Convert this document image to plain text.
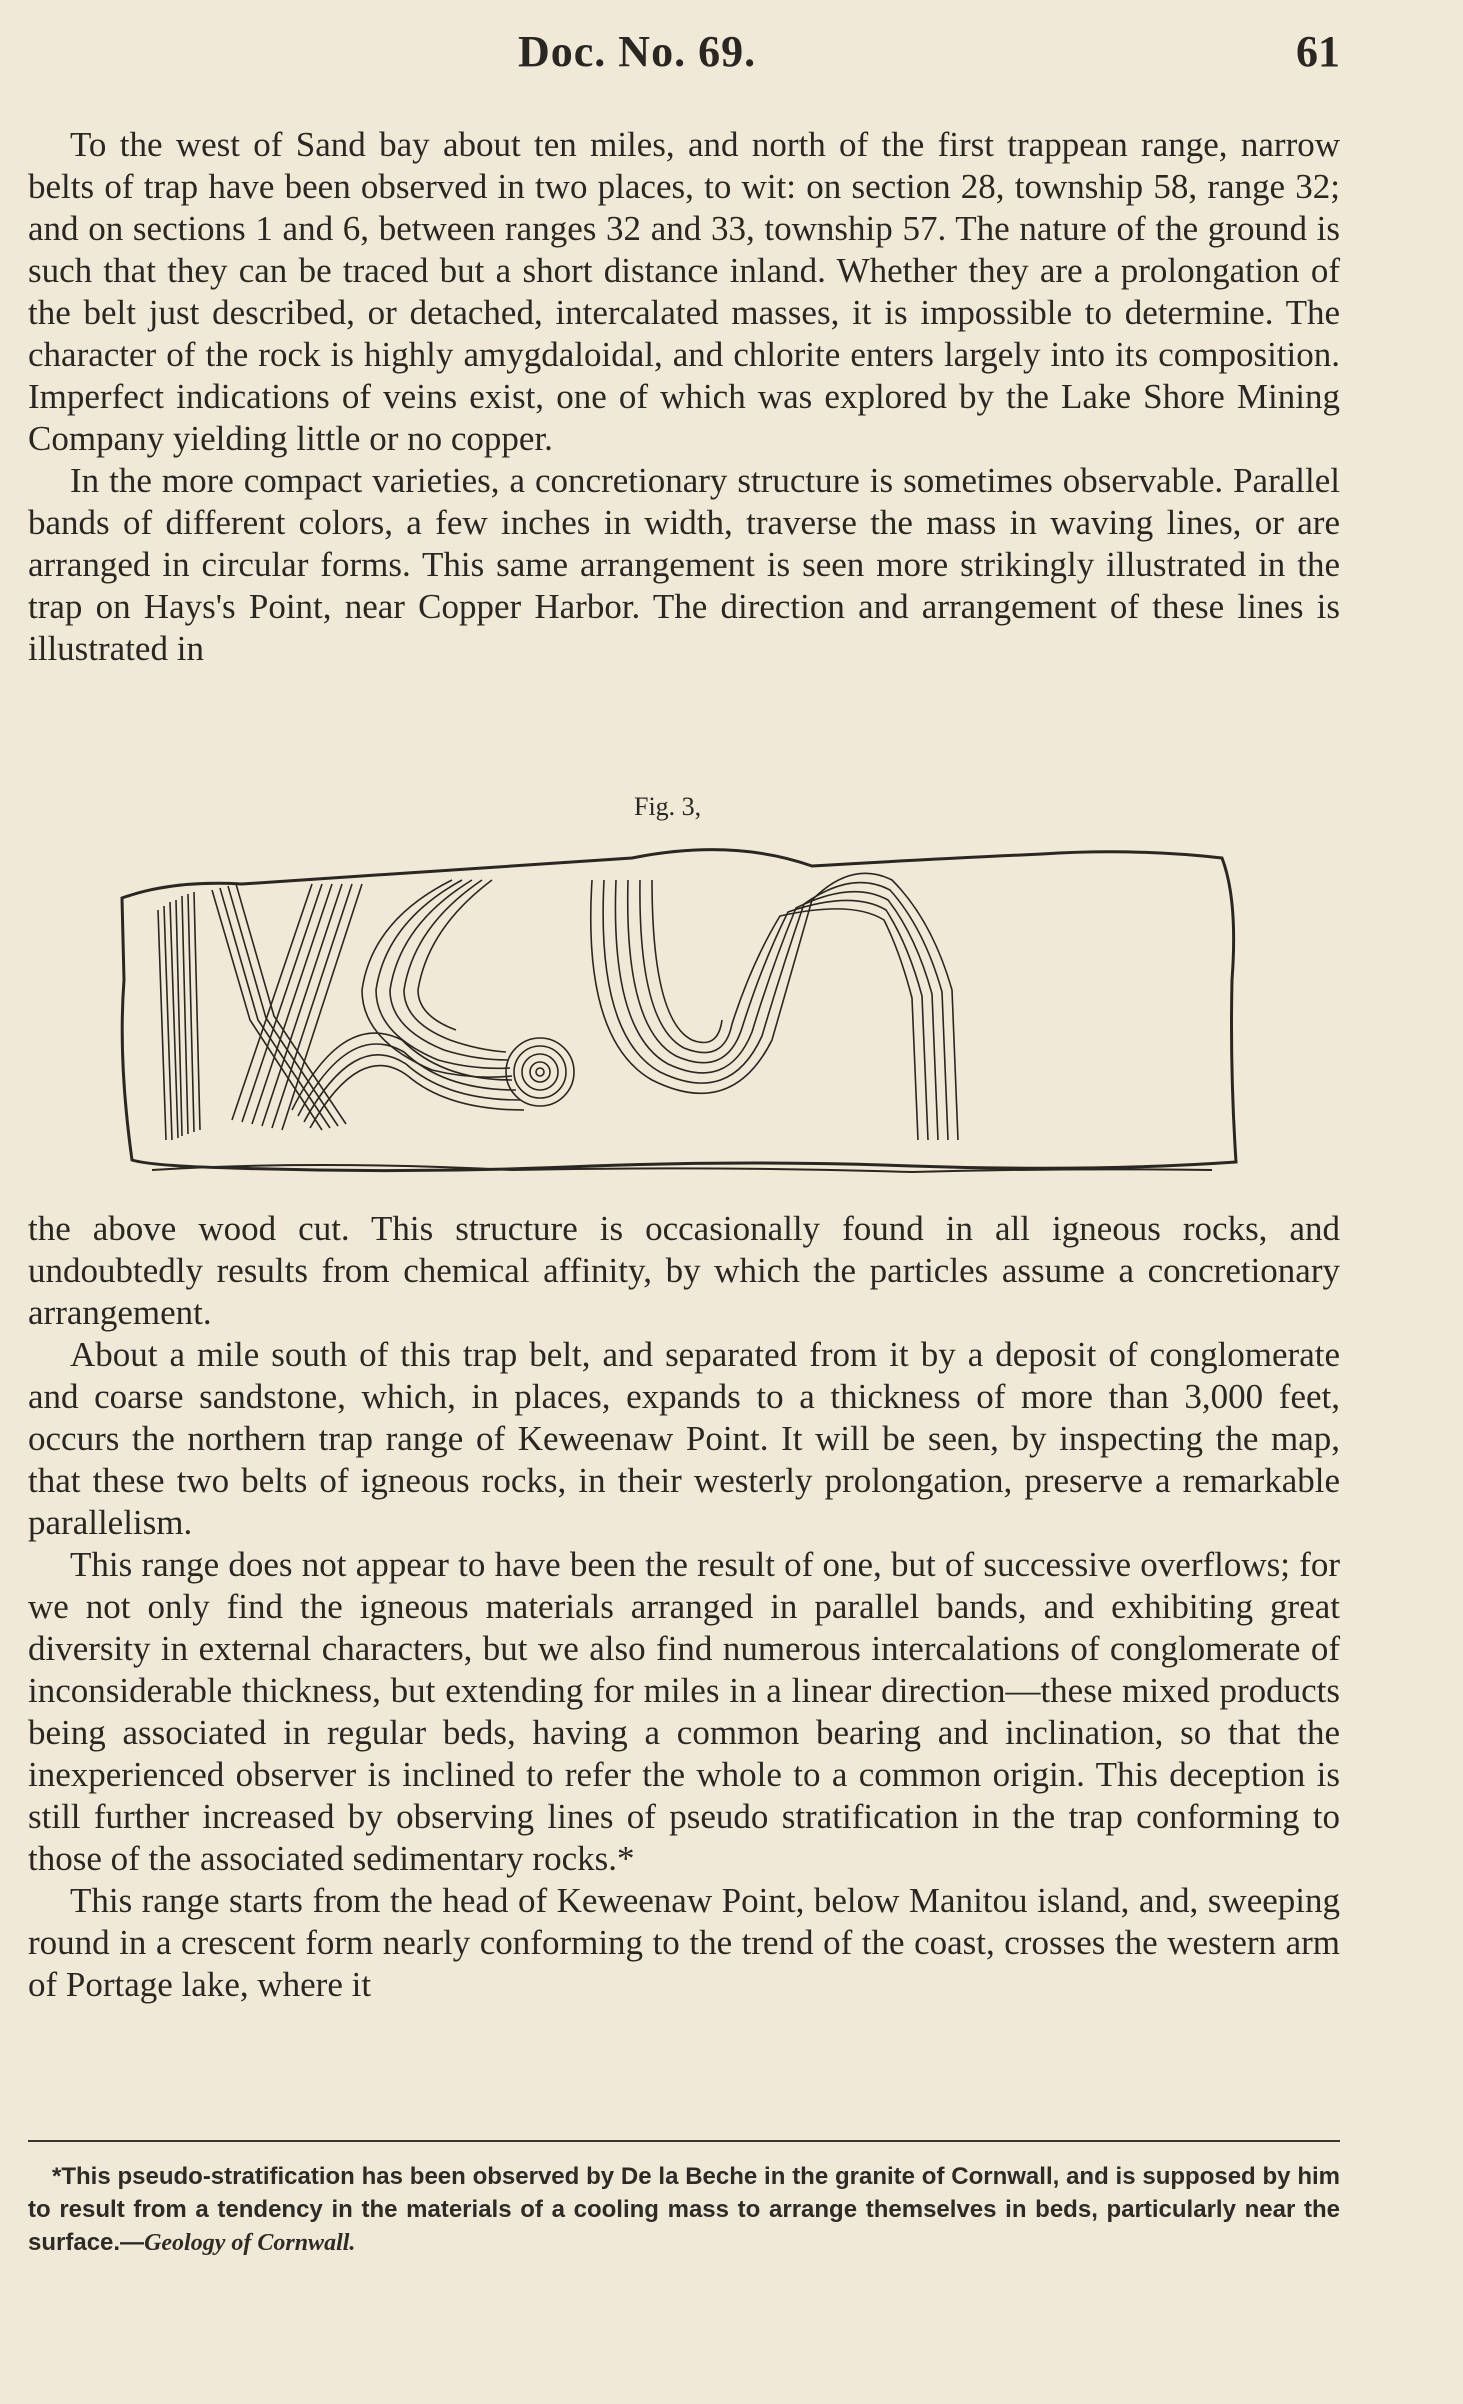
Doc. No. 69.	61

To the west of Sand bay about ten miles, and north of the first trappean range, narrow belts of trap have been observed in two places, to wit: on section 28, township 58, range 32; and on sections 1 and 6, between ranges 32 and 33, township 57. The nature of the ground is such that they can be traced but a short distance inland. Whether they are a prolongation of the belt just described, or detached, intercalated masses, it is impossible to determine. The character of the rock is highly amygdaloidal, and chlorite enters largely into its composition. Imperfect indications of veins exist, one of which was explored by the Lake Shore Mining Company yielding little or no copper.

In the more compact varieties, a concretionary structure is sometimes observable. Parallel bands of different colors, a few inches in width, traverse the mass in waving lines, or are arranged in circular forms. This same arrangement is seen more strikingly illustrated in the trap on Hays's Point, near Copper Harbor. The direction and arrangement of these lines is illustrated in

Fig. 3,

the above wood cut. This structure is occasionally found in all igneous rocks, and undoubtedly results from chemical affinity, by which the particles assume a concretionary arrangement.

About a mile south of this trap belt, and separated from it by a deposit of conglomerate and coarse sandstone, which, in places, expands to a thickness of more than 3,000 feet, occurs the northern trap range of Keweenaw Point. It will be seen, by inspecting the map, that these two belts of igneous rocks, in their westerly prolongation, preserve a remarkable parallelism.

This range does not appear to have been the result of one, but of successive overflows; for we not only find the igneous materials arranged in parallel bands, and exhibiting great diversity in external characters, but we also find numerous intercalations of conglomerate of inconsiderable thickness, but extending for miles in a linear direction—these mixed products being associated in regular beds, having a common bearing and inclination, so that the inexperienced observer is inclined to refer the whole to a common origin. This deception is still further increased by observing lines of pseudo stratification in the trap conforming to those of the associated sedimentary rocks.*

This range starts from the head of Keweenaw Point, below Manitou island, and, sweeping round in a crescent form nearly conforming to the trend of the coast, crosses the western arm of Portage lake, where it

*This pseudo-stratification has been observed by De la Beche in the granite of Cornwall, and is supposed by him to result from a tendency in the materials of a cooling mass to arrange themselves in beds, particularly near the surface.—Geology of Cornwall.
